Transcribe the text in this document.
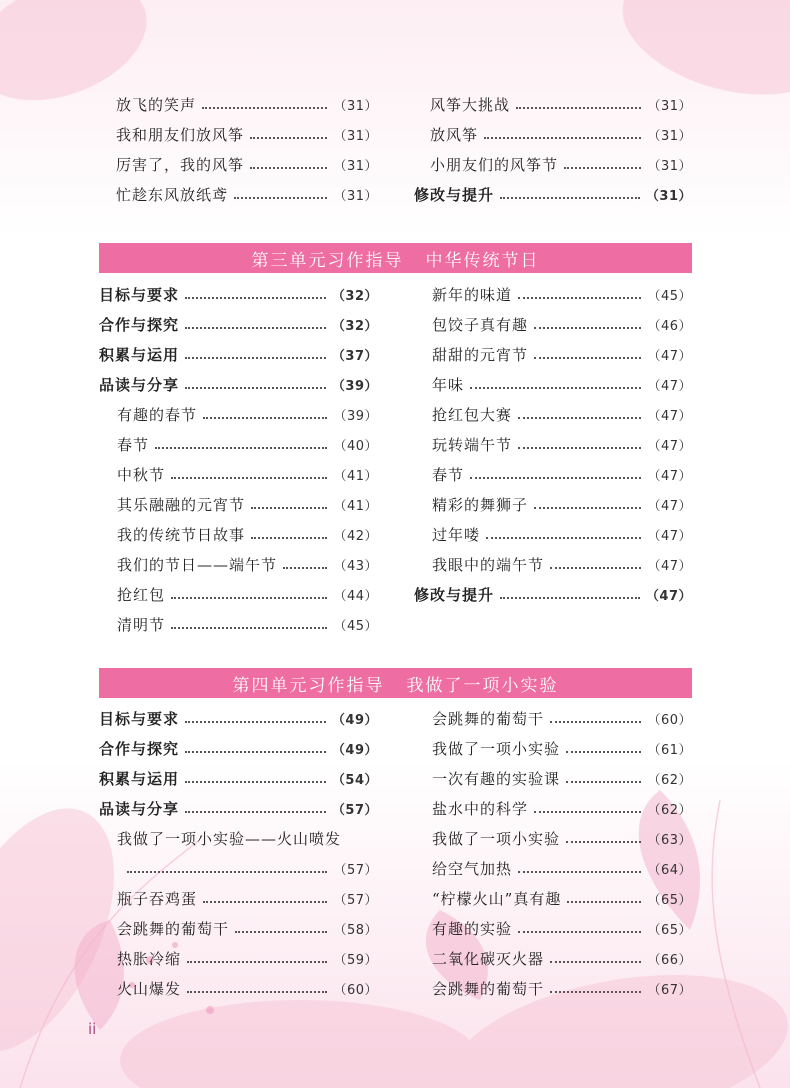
放飞的笑声	（31）
我和朋友们放风筝	（31）
厉害了，我的风筝	（31）
忙趁东风放纸鸢	（31）
风筝大挑战	（31）
放风筝	（31）
小朋友们的风筝节	（31）
修改与提升	（31）
第三单元习作指导 中华传统节日
目标与要求	（32）
合作与探究	（32）
积累与运用	（37）
品读与分享	（39）
有趣的春节	（39）
春节	（40）
中秋节	（41）
其乐融融的元宵节	（41）
我的传统节日故事	（42）
我们的节日——端午节	（43）
抢红包	（44）
清明节	（45）
新年的味道	（45）
包饺子真有趣	（46）
甜甜的元宵节	（47）
年味	（47）
抢红包大赛	（47）
玩转端午节	（47）
春节	（47）
精彩的舞狮子	（47）
过年喽	（47）
我眼中的端午节	（47）
修改与提升	（47）
第四单元习作指导 我做了一项小实验
目标与要求	（49）
合作与探究	（49）
积累与运用	（54）
品读与分享	（57）
我做了一项小实验——火山喷发
（57）
瓶子吞鸡蛋	（57）
会跳舞的葡萄干	（58）
热胀冷缩	（59）
火山爆发	（60）
会跳舞的葡萄干	（60）
我做了一项小实验	（61）
一次有趣的实验课	（62）
盐水中的科学	（62）
我做了一项小实验	（63）
给空气加热	（64）
“柠檬火山”真有趣	（65）
有趣的实验	（65）
二氧化碳灭火器	（66）
会跳舞的葡萄干	（67）
ii
